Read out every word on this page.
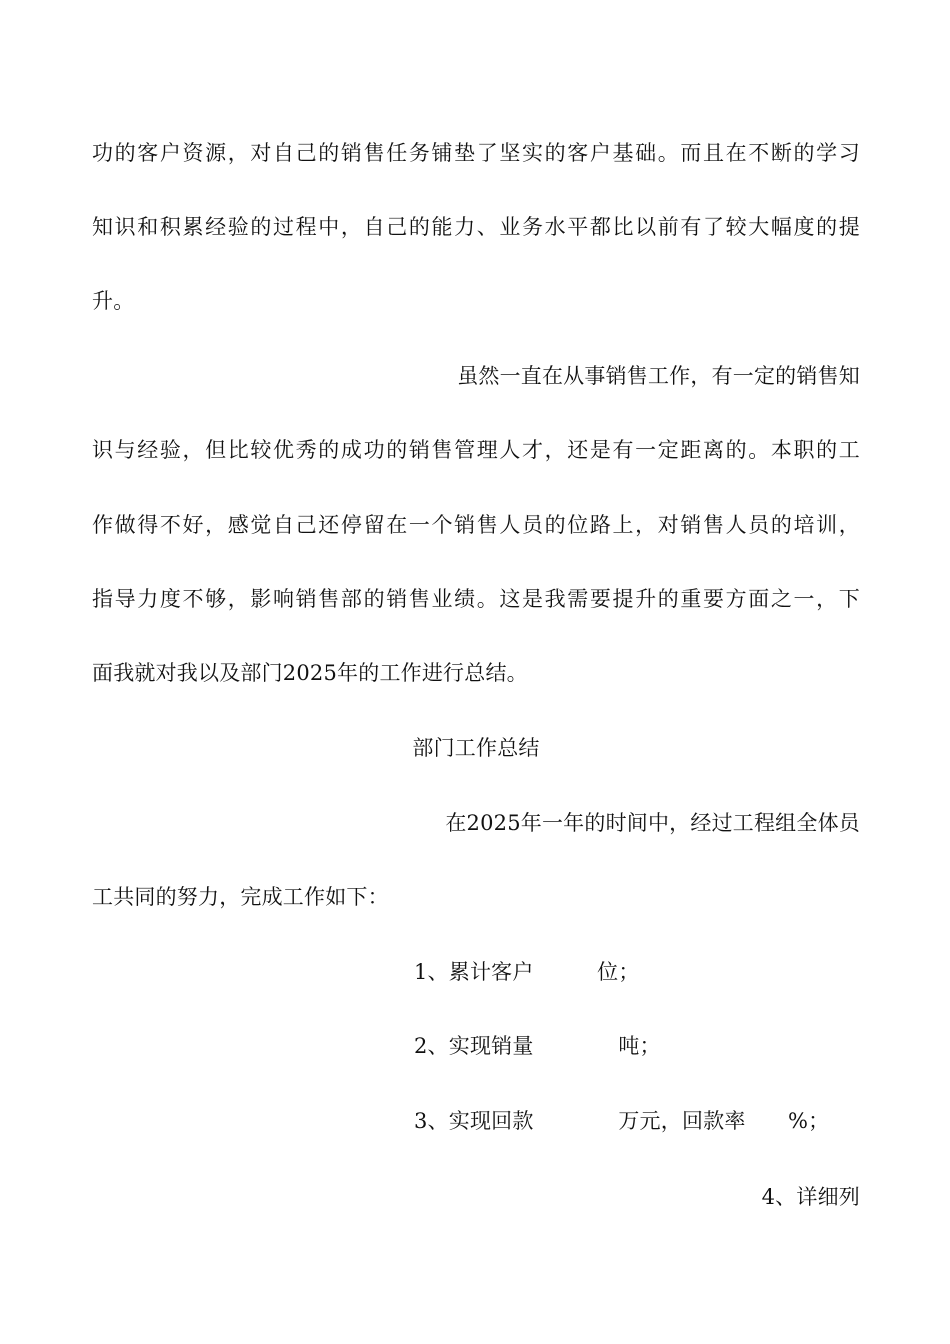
功的客户资源，对自己的销售任务铺垫了坚实的客户基础。而且在不断的学习
知识和积累经验的过程中，自己的能力、业务水平都比以前有了较大幅度的提
升。
虽然一直在从事销售工作，有一定的销售知
识与经验，但比较优秀的成功的销售管理人才，还是有一定距离的。本职的工
作做得不好，感觉自己还停留在一个销售人员的位路上，对销售人员的培训，
指导力度不够，影响销售部的销售业绩。这是我需要提升的重要方面之一，下
面我就对我以及部门2025年的工作进行总结。
部门工作总结
在2025年一年的时间中，经过工程组全体员
工共同的努力，完成工作如下：
1、累计客户　　　位；
2、实现销量　　　　吨；
3、实现回款　　　　万元，回款率　　%；
4、详细列
